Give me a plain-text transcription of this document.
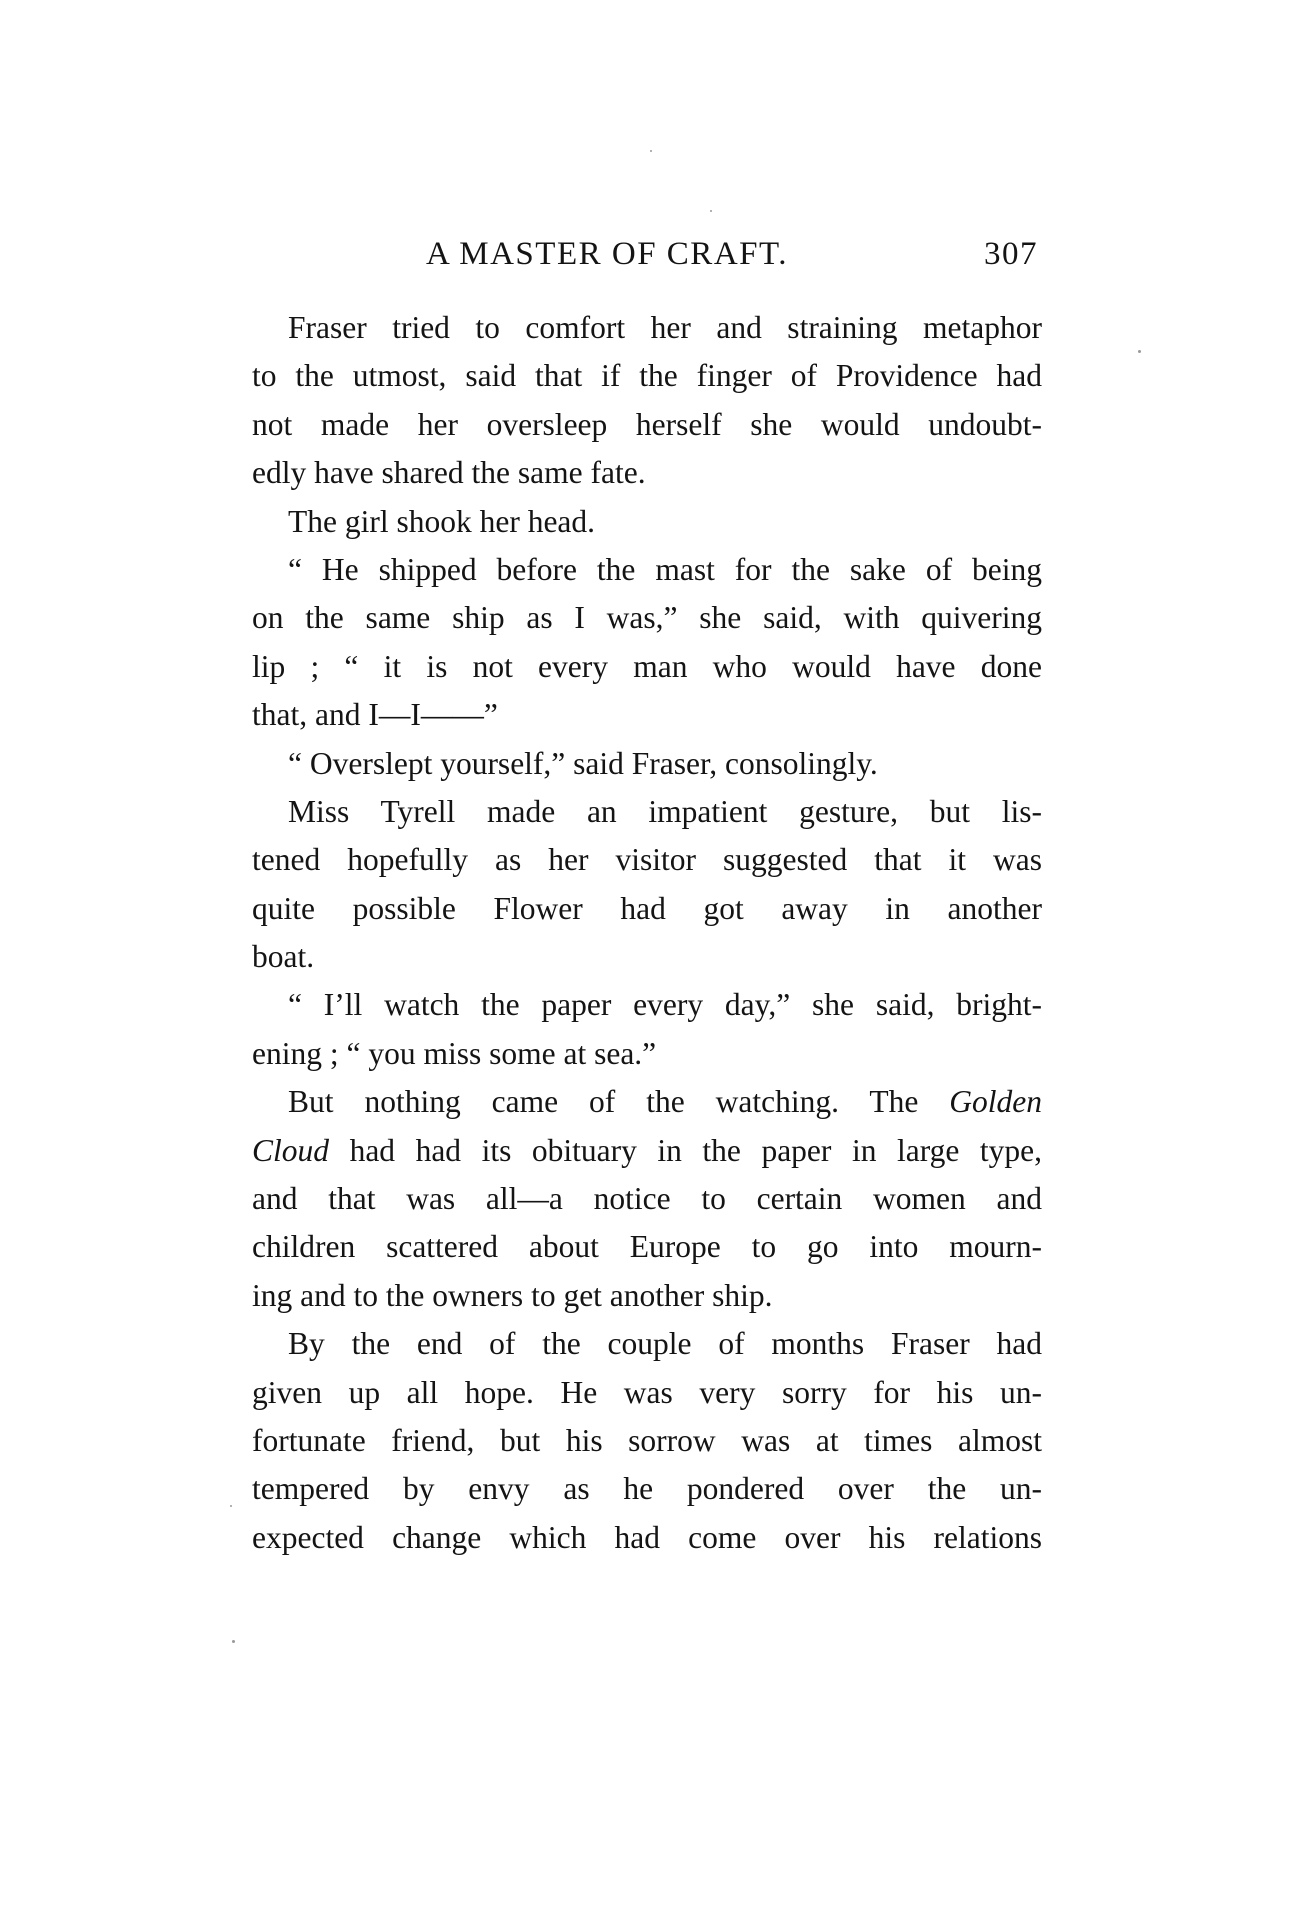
A MASTER OF CRAFT.	307
Fraser tried to comfort her and straining metaphor
to the utmost, said that if the finger of Providence had
not made her oversleep herself she would undoubt-
edly have shared the same fate.
The girl shook her head.
“ He shipped before the mast for the sake of being
on the same ship as I was,” she said, with quivering
lip ; “ it is not every man who would have done
that, and I—I——”
“ Overslept yourself,” said Fraser, consolingly.
Miss Tyrell made an impatient gesture, but lis-
tened hopefully as her visitor suggested that it was
quite possible Flower had got away in another
boat.
“ I’ll watch the paper every day,” she said, bright-
ening ; “ you miss some at sea.”
But nothing came of the watching. The Golden
Cloud had had its obituary in the paper in large type,
and that was all—a notice to certain women and
children scattered about Europe to go into mourn-
ing and to the owners to get another ship.
By the end of the couple of months Fraser had
given up all hope. He was very sorry for his un-
fortunate friend, but his sorrow was at times almost
tempered by envy as he pondered over the un-
expected change which had come over his relations
